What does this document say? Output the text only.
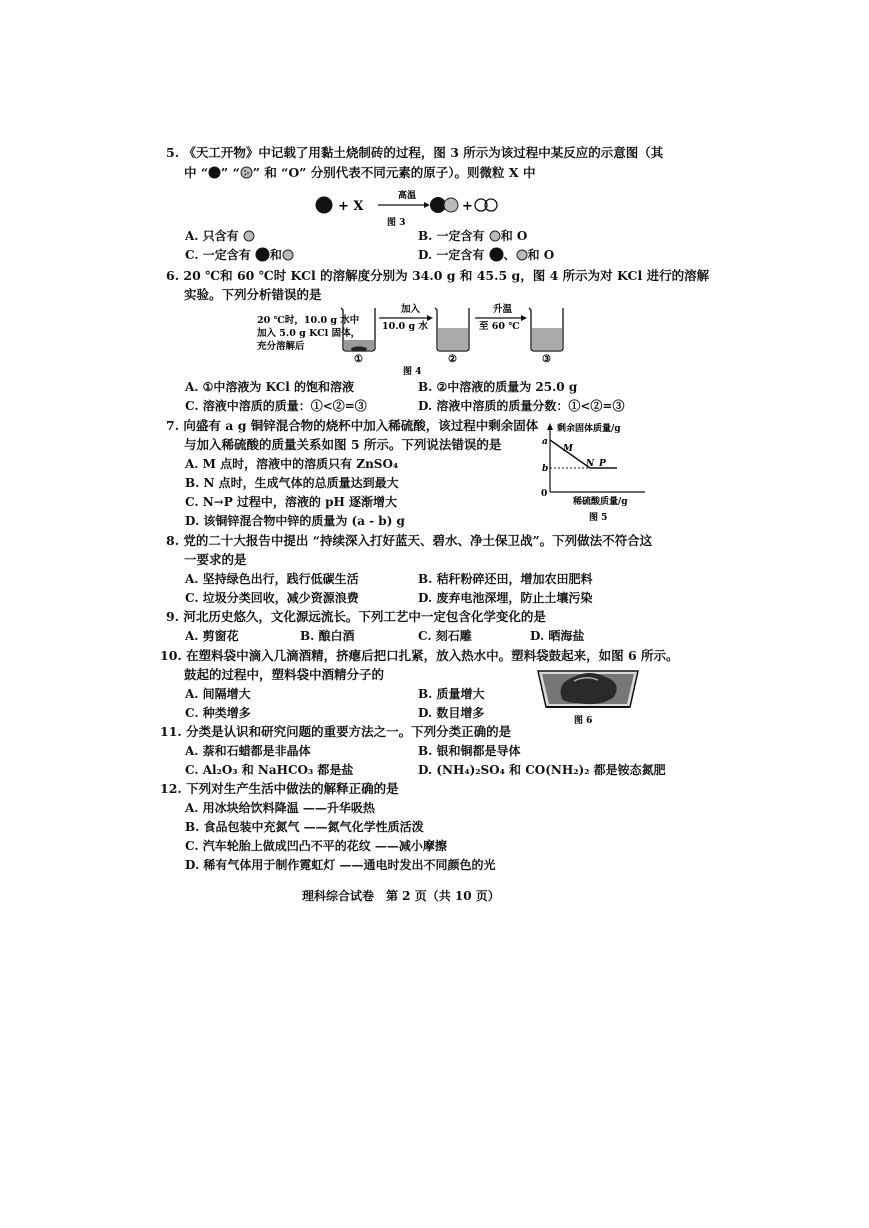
5. 《天工开物》中记载了用黏土烧制砖的过程，图 3 所示为该过程中某反应的示意图（其
中 “ ” “ ” 和 “O” 分别代表不同元素的原子）。则微粒 X 中
+ X
高温
+
图 3
A. 只含有	B. 一定含有 和 O
C. 一定含有 和	D. 一定含有 、 和 O
6. 20 ℃和 60 ℃时 KCl 的溶解度分别为 34.0 g 和 45.5 g，图 4 所示为对 KCl 进行的溶解
实验。下列分析错误的是
20 ℃时，10.0 g 水中
加入 5.0 g KCl 固体，
充分溶解后
①
加入
10.0 g 水
②
升温
至 60 ℃
③
图 4
A. ①中溶液为 KCl 的饱和溶液	B. ②中溶液的质量为 25.0 g
C. 溶液中溶质的质量：①<②=③	D. 溶液中溶质的质量分数：①<②=③
7. 向盛有 a g 铜锌混合物的烧杯中加入稀硫酸，该过程中剩余固体
与加入稀硫酸的质量关系如图 5 所示。下列说法错误的是
A. M 点时，溶液中的溶质只有 ZnSO₄
B. N 点时，生成气体的总质量达到最大
C. N→P 过程中，溶液的 pH 逐渐增大
D. 该铜锌混合物中锌的质量为 (a - b) g
剩余固体质量/g
a
b
0
M
N P
稀硫酸质量/g
图 5
8. 党的二十大报告中提出 “持续深入打好蓝天、碧水、净土保卫战”。下列做法不符合这
一要求的是
A. 坚持绿色出行，践行低碳生活	B. 秸秆粉碎还田，增加农田肥料
C. 垃圾分类回收，减少资源浪费	D. 废弃电池深埋，防止土壤污染
9. 河北历史悠久，文化源远流长。下列工艺中一定包含化学变化的是
A. 剪窗花	B. 酿白酒	C. 刻石雕	D. 晒海盐
10. 在塑料袋中滴入几滴酒精，挤瘪后把口扎紧，放入热水中。塑料袋鼓起来，如图 6 所示。
鼓起的过程中，塑料袋中酒精分子的
A. 间隔增大	B. 质量增大
C. 种类增多	D. 数目增多
图 6
11. 分类是认识和研究问题的重要方法之一。下列分类正确的是
A. 萘和石蜡都是非晶体	B. 银和铜都是导体
C. Al₂O₃ 和 NaHCO₃ 都是盐	D. (NH₄)₂SO₄ 和 CO(NH₂)₂ 都是铵态氮肥
12. 下列对生产生活中做法的解释正确的是
A. 用冰块给饮料降温 ——升华吸热
B. 食品包装中充氮气 ——氮气化学性质活泼
C. 汽车轮胎上做成凹凸不平的花纹 ——减小摩擦
D. 稀有气体用于制作霓虹灯 ——通电时发出不同颜色的光
理科综合试卷　第 2 页（共 10 页）
